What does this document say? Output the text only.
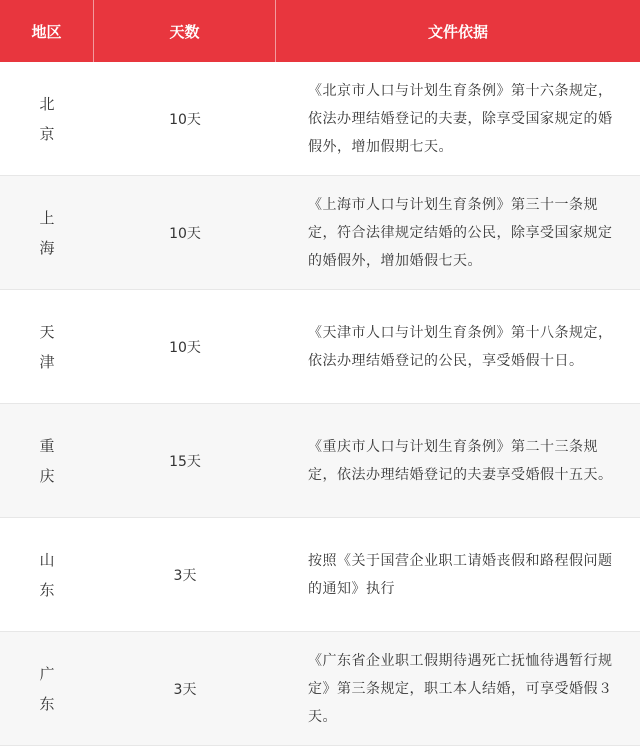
地区	天数	文件依据
北京
10天
《北京市人口与计划生育条例》第十六条规定，依法办理结婚登记的夫妻，除享受国家规定的婚假外，增加假期七天。
上海
10天
《上海市人口与计划生育条例》第三十一条规定，符合法律规定结婚的公民，除享受国家规定的婚假外，增加婚假七天。
天津
10天
《天津市人口与计划生育条例》第十八条规定，依法办理结婚登记的公民，享受婚假十日。
重庆
15天
《重庆市人口与计划生育条例》第二十三条规定，依法办理结婚登记的夫妻享受婚假十五天。
山东
3天
按照《关于国营企业职工请婚丧假和路程假问题的通知》执行
广东
3天
《广东省企业职工假期待遇死亡抚恤待遇暂行规定》第三条规定，职工本人结婚，可享受婚假３天。
